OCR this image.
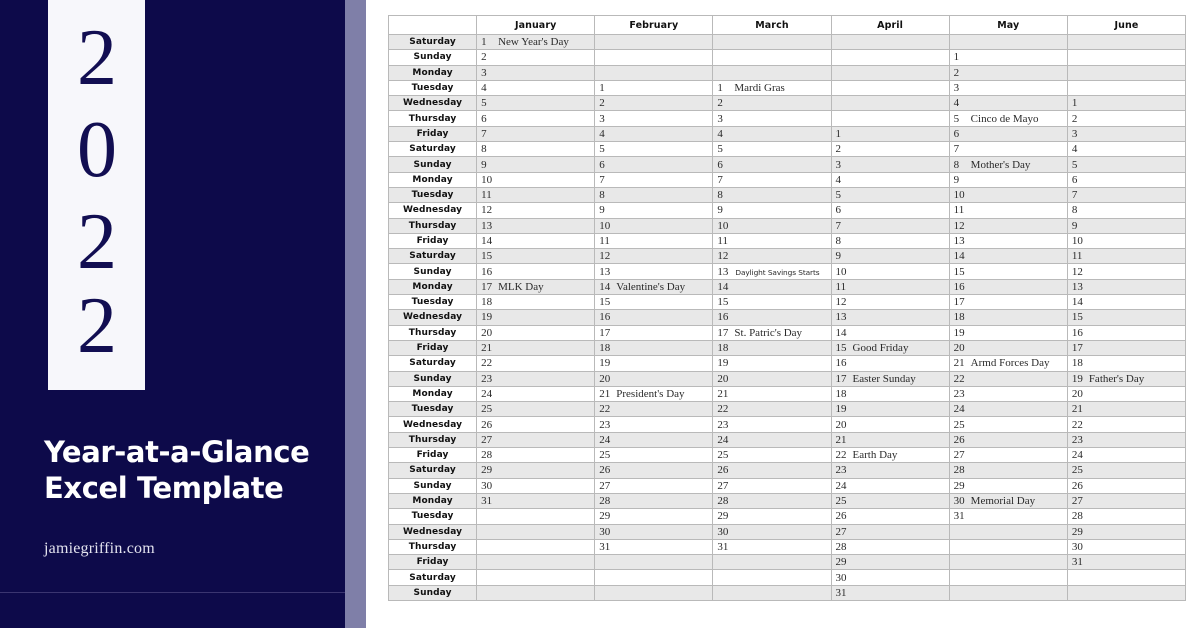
2
0
2
2
Year-at-a-Glance
Excel Template
jamiegriffin.com
	January	February	March	April	May	June
Saturday	1 New Year's Day					
Sunday	2				1	
Monday	3				2	
Tuesday	4	1	1 Mardi Gras		3	
Wednesday	5	2	2		4	1
Thursday	6	3	3		5 Cinco de Mayo	2
Friday	7	4	4	1	6	3
Saturday	8	5	5	2	7	4
Sunday	9	6	6	3	8 Mother's Day	5
Monday	10	7	7	4	9	6
Tuesday	11	8	8	5	10	7
Wednesday	12	9	9	6	11	8
Thursday	13	10	10	7	12	9
Friday	14	11	11	8	13	10
Saturday	15	12	12	9	14	11
Sunday	16	13	13 Daylight Savings Starts	10	15	12
Monday	17 MLK Day	14 Valentine's Day	14	11	16	13
Tuesday	18	15	15	12	17	14
Wednesday	19	16	16	13	18	15
Thursday	20	17	17 St. Patric's Day	14	19	16
Friday	21	18	18	15 Good Friday	20	17
Saturday	22	19	19	16	21 Armd Forces Day	18
Sunday	23	20	20	17 Easter Sunday	22	19 Father's Day
Monday	24	21 President's Day	21	18	23	20
Tuesday	25	22	22	19	24	21
Wednesday	26	23	23	20	25	22
Thursday	27	24	24	21	26	23
Friday	28	25	25	22 Earth Day	27	24
Saturday	29	26	26	23	28	25
Sunday	30	27	27	24	29	26
Monday	31	28	28	25	30 Memorial Day	27
Tuesday		29	29	26	31	28
Wednesday		30	30	27		29
Thursday		31	31	28		30
Friday				29		31
Saturday				30		
Sunday				31		
